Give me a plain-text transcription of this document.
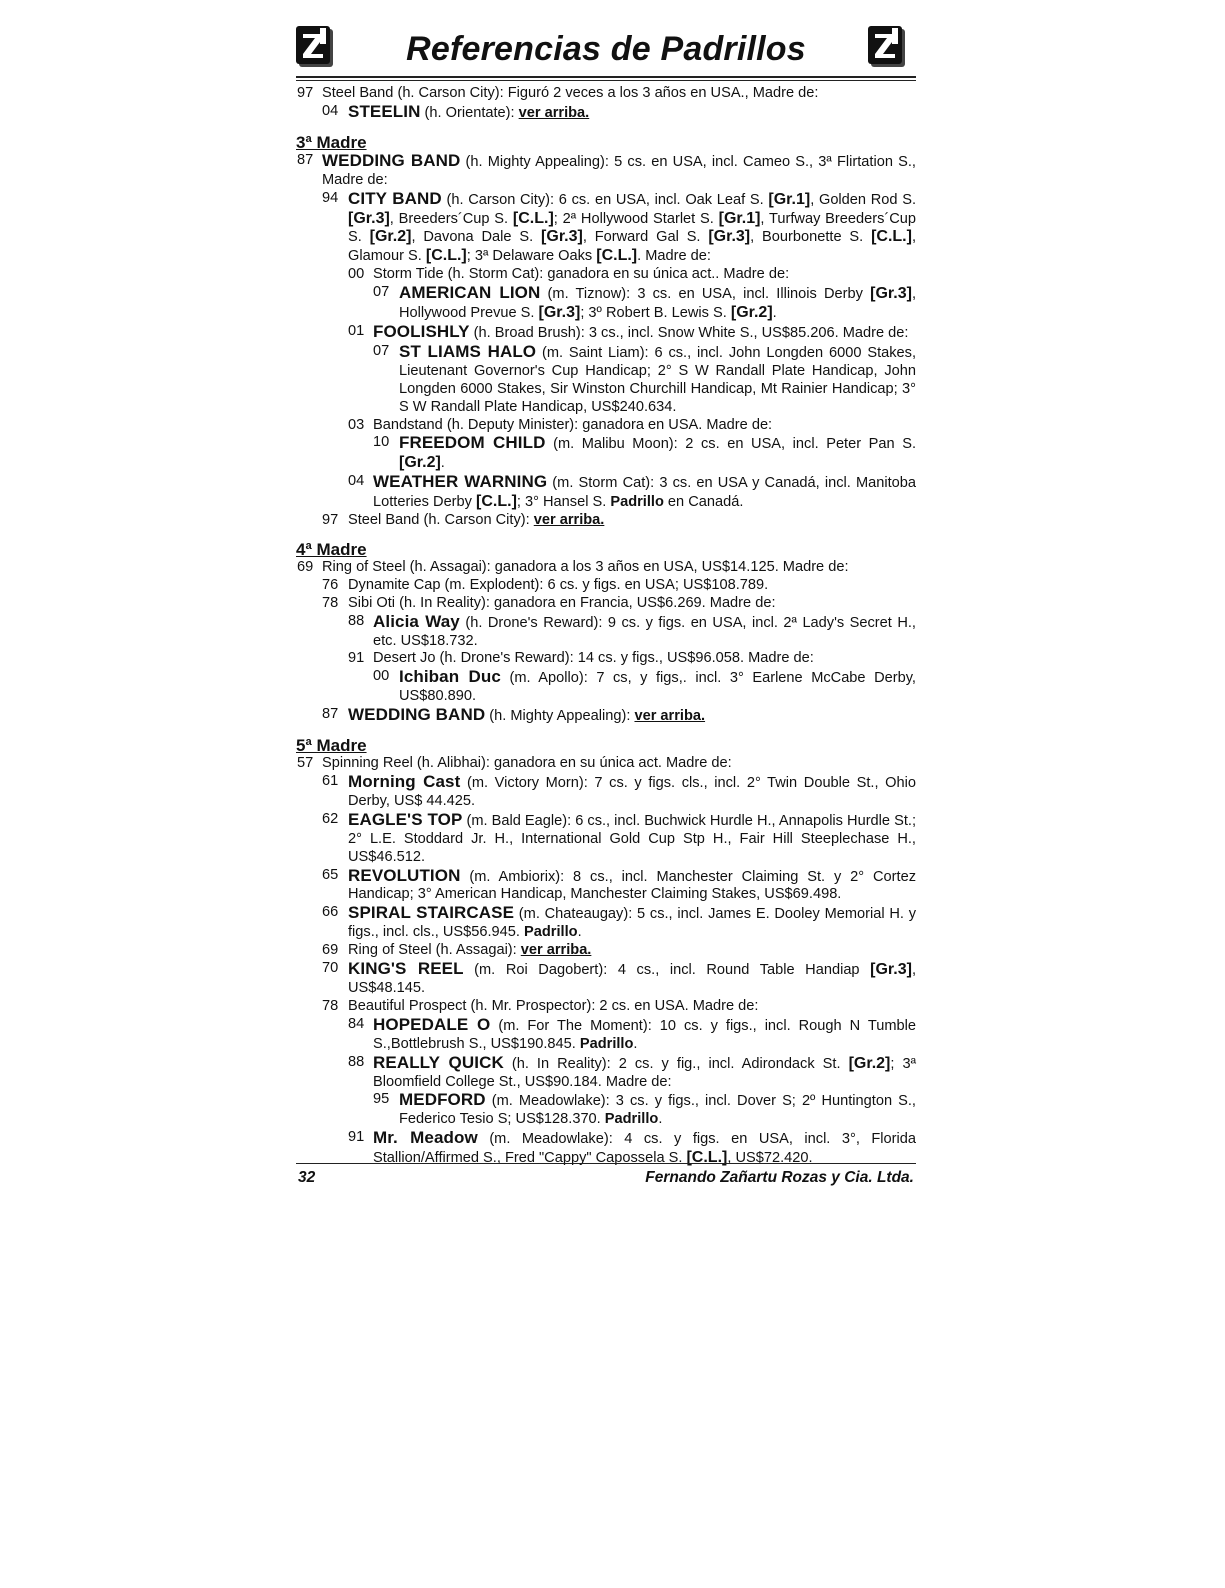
Referencias de Padrillos
97 Steel Band (h. Carson City): Figuró 2 veces a los 3 años en USA., Madre de:
04 STEELIN (h. Orientate): ver arriba.
3ª Madre
87 WEDDING BAND (h. Mighty Appealing): 5 cs. en USA, incl. Cameo S., 3ª Flirtation S., Madre de:
94 CITY BAND (h. Carson City): 6 cs. en USA, incl. Oak Leaf S. [Gr.1], Golden Rod S. [Gr.3], Breeders´Cup S. [C.L.]; 2ª Hollywood Starlet S. [Gr.1], Turfway Breeders´Cup S. [Gr.2], Davona Dale S. [Gr.3], Forward Gal S. [Gr.3], Bourbonette S. [C.L.], Glamour S. [C.L.]; 3ª Delaware Oaks [C.L.]. Madre de:
00 Storm Tide (h. Storm Cat): ganadora en su única act.. Madre de:
07 AMERICAN LION (m. Tiznow): 3 cs. en USA, incl. Illinois Derby [Gr.3], Hollywood Prevue S. [Gr.3]; 3º Robert B. Lewis S. [Gr.2].
01 FOOLISHLY (h. Broad Brush): 3 cs., incl. Snow White S., US$85.206. Madre de:
07 ST LIAMS HALO (m. Saint Liam): 6 cs., incl. John Longden 6000 Stakes, Lieutenant Governor's Cup Handicap; 2° S W Randall Plate Handicap, John Longden 6000 Stakes, Sir Winston Churchill Handicap, Mt Rainier Handicap; 3° S W Randall Plate Handicap, US$240.634.
03 Bandstand (h. Deputy Minister): ganadora en USA. Madre de:
10 FREEDOM CHILD (m. Malibu Moon): 2 cs. en USA, incl. Peter Pan S. [Gr.2].
04 WEATHER WARNING (m. Storm Cat): 3 cs. en USA y Canadá, incl. Manitoba Lotteries Derby [C.L.]; 3° Hansel S. Padrillo en Canadá.
97 Steel Band (h. Carson City): ver arriba.
4ª Madre
69 Ring of Steel (h. Assagai): ganadora a los 3 años en USA, US$14.125. Madre de:
76 Dynamite Cap (m. Explodent): 6 cs. y figs. en USA; US$108.789.
78 Sibi Oti (h. In Reality): ganadora en Francia, US$6.269. Madre de:
88 Alicia Way (h. Drone's Reward): 9 cs. y figs. en USA, incl. 2ª Lady's Secret H., etc. US$18.732.
91 Desert Jo (h. Drone's Reward): 14 cs. y figs., US$96.058. Madre de:
00 Ichiban Duc (m. Apollo): 7 cs, y figs,. incl. 3° Earlene McCabe Derby, US$80.890.
87 WEDDING BAND (h. Mighty Appealing): ver arriba.
5ª Madre
57 Spinning Reel (h. Alibhai): ganadora en su única act. Madre de:
61 Morning Cast (m. Victory Morn): 7 cs. y figs. cls., incl. 2° Twin Double St., Ohio Derby, US$ 44.425.
62 EAGLE'S TOP (m. Bald Eagle): 6 cs., incl. Buchwick Hurdle H., Annapolis Hurdle St.; 2° L.E. Stoddard Jr. H., International Gold Cup Stp H., Fair Hill Steeplechase H., US$46.512.
65 REVOLUTION (m. Ambiorix): 8 cs., incl. Manchester Claiming St. y 2° Cortez Handicap; 3° American Handicap, Manchester Claiming Stakes, US$69.498.
66 SPIRAL STAIRCASE (m. Chateaugay): 5 cs., incl. James E. Dooley Memorial H. y figs., incl. cls., US$56.945. Padrillo.
69 Ring of Steel (h. Assagai): ver arriba.
70 KING'S REEL (m. Roi Dagobert): 4 cs., incl. Round Table Handiap [Gr.3], US$48.145.
78 Beautiful Prospect (h. Mr. Prospector): 2 cs. en USA. Madre de:
84 HOPEDALE O (m. For The Moment): 10 cs. y figs., incl. Rough N Tumble S.,Bottlebrush S., US$190.845. Padrillo.
88 REALLY QUICK (h. In Reality): 2 cs. y fig., incl. Adirondack St. [Gr.2]; 3ª Bloomfield College St., US$90.184. Madre de:
95 MEDFORD (m. Meadowlake): 3 cs. y figs., incl. Dover S; 2º Huntington S., Federico Tesio S; US$128.370. Padrillo.
91 Mr. Meadow (m. Meadowlake): 4 cs. y figs. en USA, incl. 3°, Florida Stallion/Affirmed S., Fred "Cappy" Capossela S. [C.L.], US$72.420.
32	Fernando Zañartu Rozas y Cia. Ltda.
